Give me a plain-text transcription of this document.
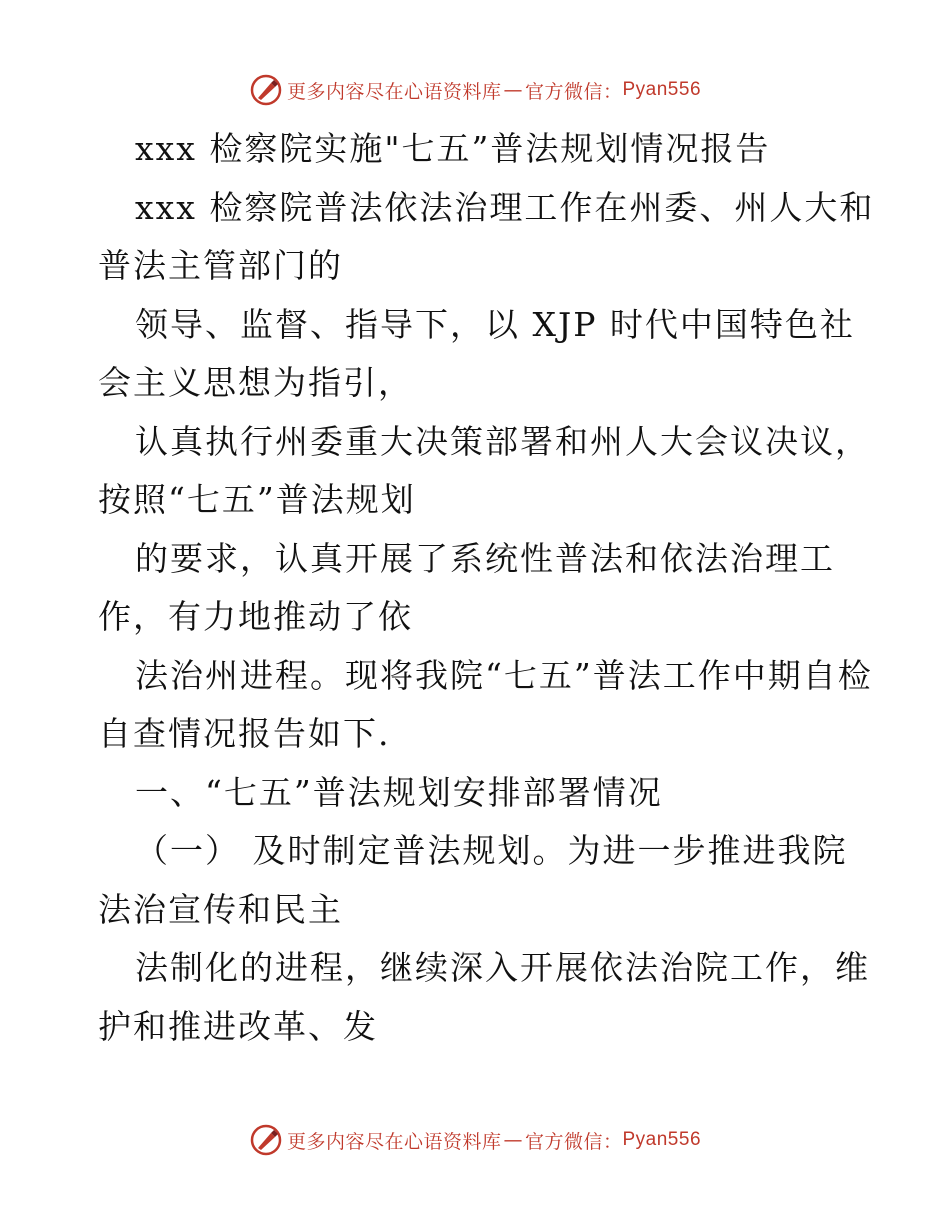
更多内容尽在心语资料库 — 官方微信： Pyan556

xxx 检察院实施"七五”普法规划情况报告

xxx 检察院普法依法治理工作在州委、州人大和普法主管部门的

领导、监督、指导下，以 XJP 时代中国特色社会主义思想为指引，

认真执行州委重大决策部署和州人大会议决议，按照“七五”普法规划

的要求，认真开展了系统性普法和依法治理工作，有力地推动了依

法治州进程。现将我院“七五”普法工作中期自检自查情况报告如下.

一、“七五”普法规划安排部署情况

（一） 及时制定普法规划。为进一步推进我院法治宣传和民主

法制化的进程，继续深入开展依法治院工作，维护和推进改革、发

更多内容尽在心语资料库 — 官方微信： Pyan556
